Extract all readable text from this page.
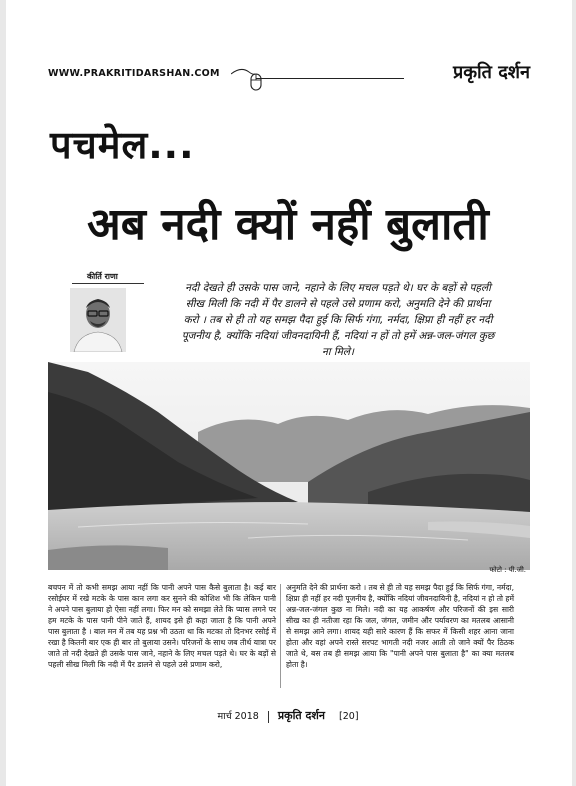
WWW.PRAKRITIDARSHAN.COM	प्रकृति दर्शन
पचमेल...
अब नदी क्यों नहीं बुलाती
कीर्ति राणा
नदी देखते ही उसके पास जाने, नहाने के लिए मचल पड़ते थे। घर के बड़ों से पहली सीख मिली कि नदी में पैर डालने से पहले उसे प्रणाम करो, अनुमति देने की प्रार्थना करो । तब से ही तो यह समझ पैदा हुई कि सिर्फ गंगा, नर्मदा, क्षिप्रा ही नहीं हर नदी पूजनीय है, क्योंकि नदियां जीवनदायिनी हैं, नदियां न हों तो हमें अन्न-जल-जंगल कुछ ना मिले।
फोटो : पी.जी.
बचपन में तो कभी समझ आया नहीं कि पानी अपने पास कैसे बुलाता है। कई बार रसोईघर में रखे मटके के पास कान लगा कर सुनने की कोशिश भी कि लेकिन पानी ने अपने पास बुलाया हो ऐसा नहीं लगा। फिर मन को समझा लेते कि प्यास लगने पर हम मटके के पास पानी पीने जाते हैं, शायद इसे ही कहा जाता है कि पानी अपने पास बुलाता है । बाल मन में तब यह प्रश्न भी उठता था कि मटका तो दिनभर रसोई में रखा है कितनी बार एक ही बार तो बुलाया उसने। परिजनों के साथ जब तीर्थ यात्रा पर जाते तो नदी देखते ही उसके पास जाने, नहाने के लिए मचल पड़ते थे। घर के बड़ों से पहली सीख मिली कि नदी में पैर डालने से पहले उसे प्रणाम करो,
अनुमति देने की प्रार्थना करो । तब से ही तो यह समझ पैदा हुई कि सिर्फ गंगा, नर्मदा, क्षिप्रा ही नहीं हर नदी पूजनीय है, क्योंकि नदियां जीवनदायिनी है, नदियां न हो तो हमें अन्न-जल-जंगल कुछ ना मिले। नदी का यह आकर्षण और परिजनों की इस सारी सीख का ही नतीजा रहा कि जल, जंगल, जमीन और पर्यावरण का मतलब आसानी से समझ आने लगा। शायद यही सारे कारण हैं कि सफर में किसी शहर आना जाना होता और वहां अपने रास्ते सरपट भागती नदी नजर आती तो जाने क्यों पैर ठिठक जाते थे, बस तब ही समझ आया कि "पानी अपने पास बुलाता है" का क्या मतलब होता है।
मार्च 2018 प्रकृति दर्शन [20]
